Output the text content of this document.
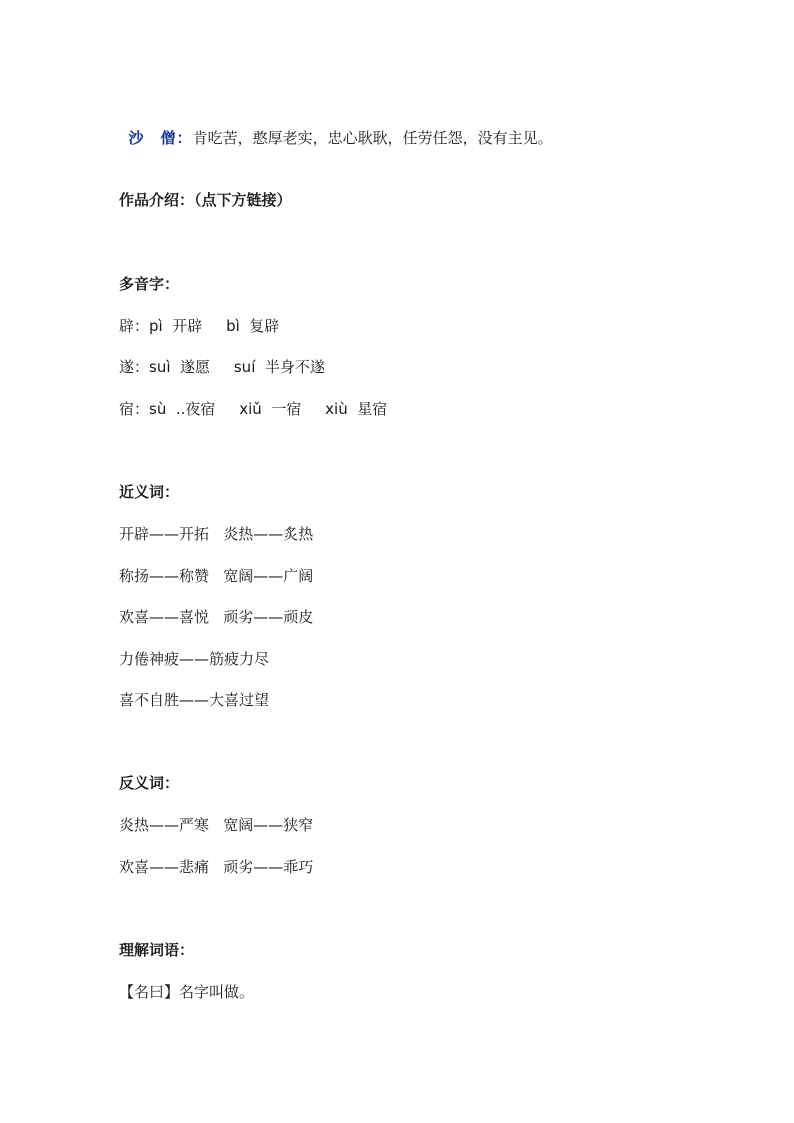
沙　僧：肯吃苦，憨厚老实，忠心耿耿，任劳任怨，没有主见。

作品介绍：（点下方链接）
多音字：
辟：pì  开辟     bì  复辟
遂：suì  遂愿     suí  半身不遂
宿：sù  ..夜宿     xiǔ  一宿     xiù  星宿
近义词：
开辟——开拓   炎热——炙热
称扬——称赞   宽阔——广阔
欢喜——喜悦   顽劣——顽皮
力倦神疲——筋疲力尽
喜不自胜——大喜过望
反义词：
炎热——严寒   宽阔——狭窄
欢喜——悲痛   顽劣——乖巧
理解词语：
【名曰】名字叫做。
